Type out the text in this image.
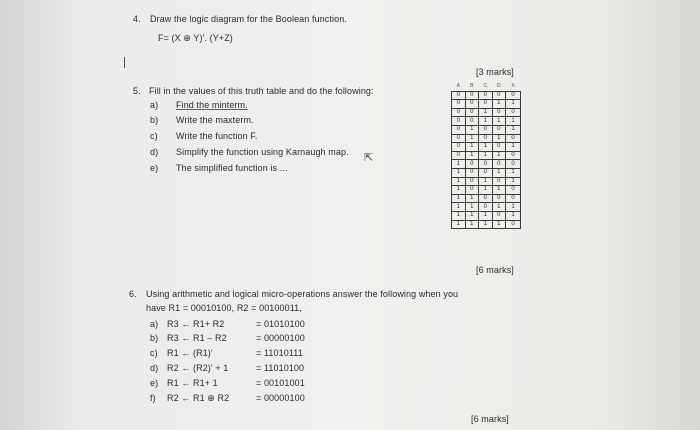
4. Draw the logic diagram for the Boolean function.
F= (X ⊕ Y)'. (Y+Z)
[3 marks]
5. Fill in the values of this truth table and do the following:
a) Find the minterm.
b) Write the maxterm.
c) Write the function F.
d) Simplify the function using Karnaugh map.
e) The simplified function is ...
⇱
A	B	C	D	X
0	0	0	0	0
0	0	0	1	1
0	0	1	0	0
0	0	1	1	1
0	1	0	0	1
0	1	0	1	0
0	1	1	0	1
0	1	1	1	0
1	0	0	0	0
1	0	0	1	1
1	0	1	0	1
1	0	1	1	0
1	1	0	0	0
1	1	0	1	1
1	1	1	0	1
1	1	1	1	0
[6 marks]
6. Using arithmetic and logical micro-operations answer the following when you
have R1 = 00010100, R2 = 00100011,
a) R3 ← R1+ R2	= 01010100
b) R3 ← R1 – R2	= 00000100
c) R1 ← (R1)'	= 11010111
d) R2 ← (R2)' + 1	= 11010100
e) R1 ← R1+ 1	= 00101001
f) R2 ← R1 ⊕ R2	= 00000100
[6 marks]
